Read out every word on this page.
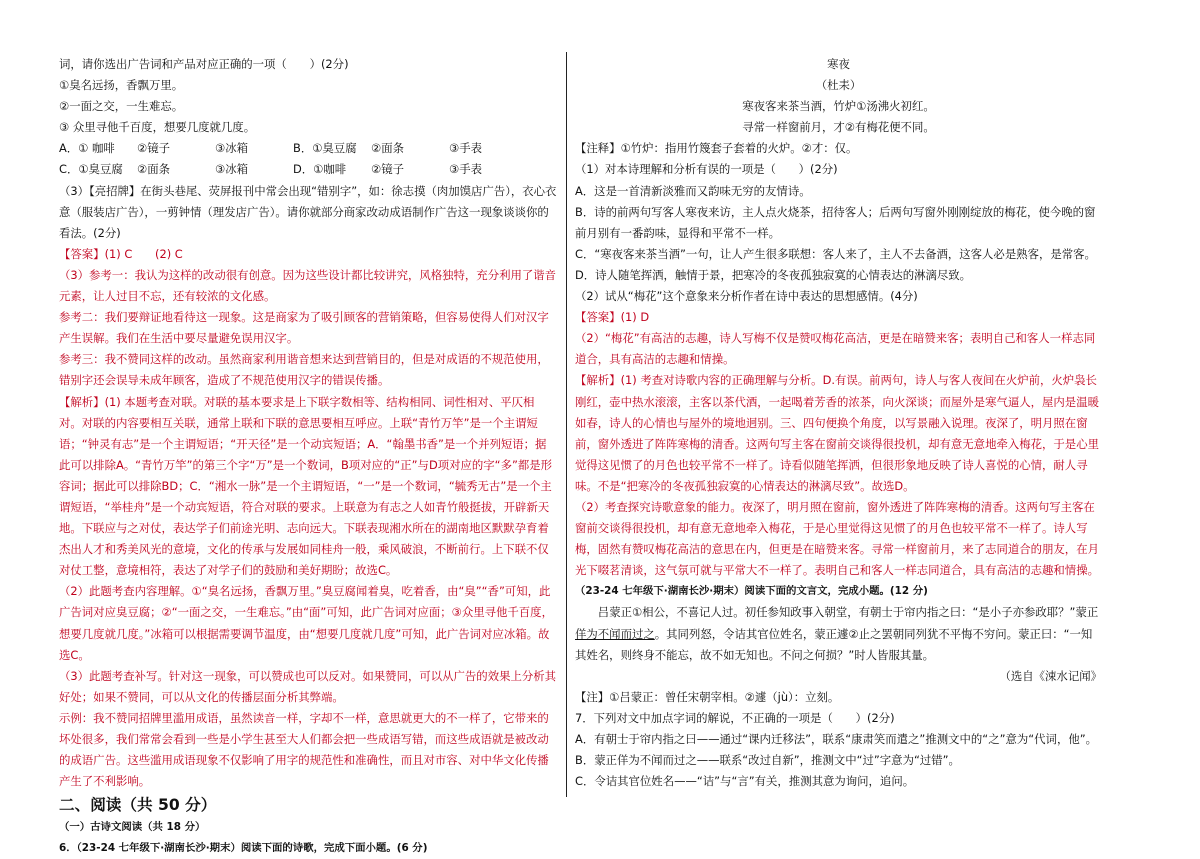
词，请你选出广告词和产品对应正确的一项（　　）(2分)

①臭名远扬，香飘万里。

②一面之交，一生难忘。

③ 众里寻他千百度，想要几度就几度。

A．① 咖啡	②镜子	③冰箱	B．①臭豆腐	②面条	③手表
C．①臭豆腐	②面条	③冰箱	D．①咖啡	②镜子	③手表

（3）【亮招牌】在街头巷尾、荧屏报刊中常会出现“错别字”，如：徐志摸（肉加馍店广告），衣心衣意（服装店广告），一剪钟情（理发店广告）。请你就部分商家改动成语制作广告这一现象谈谈你的看法。(2分)

【答案】(1) C　　(2) C

（3）参考一：我认为这样的改动很有创意。因为这些设计都比较讲究，风格独特，充分利用了谐音元素，让人过目不忘，还有较浓的文化感。

参考二：我们要辩证地看待这一现象。这是商家为了吸引顾客的营销策略，但容易使得人们对汉字产生误解。我们在生活中要尽量避免误用汉字。

参考三：我不赞同这样的改动。虽然商家利用谐音想来达到营销目的，但是对成语的不规范使用，错别字还会误导未成年顾客，造成了不规范使用汉字的错误传播。

【解析】(1) 本题考查对联。对联的基本要求是上下联字数相等、结构相同、词性相对、平仄相对。对联的内容要相互关联，通常上联和下联的意思要相互呼应。上联“青竹万竿”是一个主谓短语；“钟灵有志”是一个主谓短语；“开天径”是一个动宾短语；A．“翰墨书香”是一个并列短语；据此可以排除A。“青竹万竿”的第三个字“万”是一个数词，B项对应的“正”与D项对应的字“多”都是形容词；据此可以排除BD；C．“湘水一脉”是一个主谓短语，“一”是一个数词，“毓秀无古”是一个主谓短语，“举桂舟”是一个动宾短语，符合对联的要求。上联意为有志之人如青竹般挺拔，开辟新天地。下联应与之对仗，表达学子们前途光明、志向远大。下联表现湘水所在的湖南地区默默孕育着杰出人才和秀美风光的意境，文化的传承与发展如同桂舟一般，乘风破浪，不断前行。上下联不仅对仗工整，意境相符，表达了对学子们的鼓励和美好期盼；故选C。

（2）此题考查内容理解。①“臭名远扬，香飘万里。”臭豆腐闻着臭，吃着香，由“臭”“香”可知，此广告词对应臭豆腐；②“一面之交，一生难忘。”由“面”可知，此广告词对应面；③众里寻他千百度，想要几度就几度。”冰箱可以根据需要调节温度，由“想要几度就几度”可知，此广告词对应冰箱。故选C。

（3）此题考查补写。针对这一现象，可以赞成也可以反对。如果赞同，可以从广告的效果上分析其好处；如果不赞同，可以从文化的传播层面分析其弊端。

示例：我不赞同招牌里滥用成语，虽然读音一样，字却不一样，意思就更大的不一样了，它带来的坏处很多，我们常常会看到一些是小学生甚至大人们都会把一些成语写错，而这些成语就是被改动的成语广告。这些滥用成语现象不仅影响了用字的规范性和准确性，而且对市容、对中华文化传播产生了不利影响。

二、阅读（共 50 分）

（一）古诗文阅读（共 18 分）

6．（23-24 七年级下·湖南长沙·期末）阅读下面的诗歌，完成下面小题。(6 分)

寒夜

（杜耒）

寒夜客来茶当酒，竹炉①汤沸火初红。

寻常一样窗前月，才②有梅花便不同。

【注释】①竹炉：指用竹篾套子套着的火炉。②才：仅。

（1）对本诗理解和分析有误的一项是（　　）(2分)

A．这是一首清新淡雅而又韵味无穷的友情诗。

B．诗的前两句写客人寒夜来访，主人点火烧茶，招待客人；后两句写窗外刚刚绽放的梅花，使今晚的窗前月别有一番韵味，显得和平常不一样。

C．“寒夜客来茶当酒”一句，让人产生很多联想：客人来了，主人不去备酒，这客人必是熟客，是常客。

D．诗人随笔挥洒，触情于景，把寒冷的冬夜孤独寂寞的心情表达的淋漓尽致。

（2）试从“梅花”这个意象来分析作者在诗中表达的思想感情。(4分)

【答案】(1) D

（2）“梅花”有高洁的志趣，诗人写梅不仅是赞叹梅花高洁，更是在暗赞来客；表明自己和客人一样志同道合，具有高洁的志趣和情操。

【解析】(1) 考查对诗歌内容的正确理解与分析。D.有误。前两句，诗人与客人夜间在火炉前，火炉袅长刚红，壶中热水滚滚，主客以茶代酒，一起喝着芳香的浓茶，向火深谈；而屋外是寒气逼人，屋内是温暖如春，诗人的心情也与屋外的境地迥别。三、四句便换个角度，以写景融入说理。夜深了，明月照在窗前，窗外透进了阵阵寒梅的清香。这两句写主客在窗前交谈得很投机，却有意无意地牵入梅花，于是心里觉得这见惯了的月色也较平常不一样了。诗看似随笔挥洒，但很形象地反映了诗人喜悦的心情，耐人寻味。不是“把寒冷的冬夜孤独寂寞的心情表达的淋漓尽致”。故选D。

（2）考查探究诗歌意象的能力。夜深了，明月照在窗前，窗外透进了阵阵寒梅的清香。这两句写主客在窗前交谈得很投机，却有意无意地牵入梅花，于是心里觉得这见惯了的月色也较平常不一样了。诗人写梅，固然有赞叹梅花高洁的意思在内，但更是在暗赞来客。寻常一样窗前月，来了志同道合的朋友，在月光下啜茗清谈，这气氛可就与平常大不一样了。表明自己和客人一样志同道合，具有高洁的志趣和情操。

（23-24 七年级下·湖南长沙·期末）阅读下面的文言文，完成小题。(12 分)

吕蒙正①相公，不喜记人过。初任参知政事入朝堂，有朝士于帘内指之曰：“是小子亦参政耶？”蒙正佯为不闻而过之。其同列怒，令诘其官位姓名，蒙正遽②止之罢朝同列犹不平悔不穷问。蒙正曰：“一知其姓名，则终身不能忘，故不如无知也。不问之何损？”时人皆服其量。

（选自《涑水记闻》

【注】①吕蒙正：曾任宋朝宰相。②遽（jù）：立刻。

7．下列对文中加点字词的解说，不正确的一项是（　　）(2分)

A．有朝士于帘内指之曰——通过“课内迁移法”，联系“康肃笑而遣之”推测文中的“之”意为“代词，他”。

B．蒙正佯为不闻而过之——联系“改过自新”，推测文中“过”字意为“过错”。

C．令诘其官位姓名——“诘”与“言”有关，推测其意为询问，追问。
